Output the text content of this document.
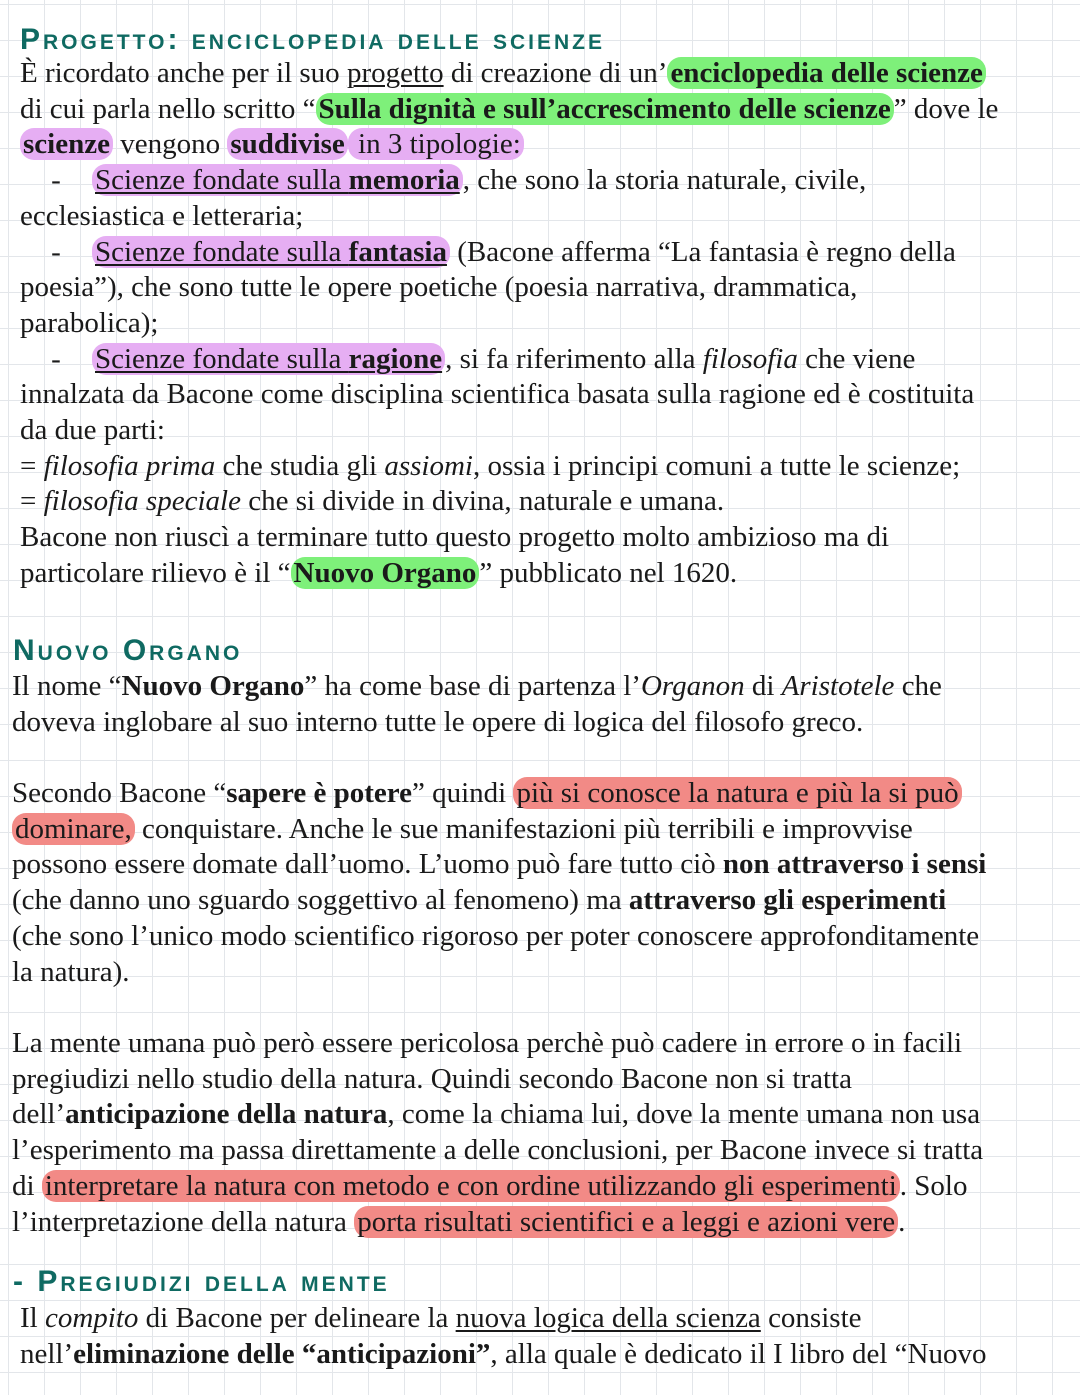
Progetto: enciclopedia delle scienze

È ricordato anche per il suo progetto di creazione di un’ enciclopedia delle scienze

di cui parla nello scritto “ Sulla dignità e sull’accrescimento delle scienze ” dove le

scienze vengono suddivise in 3 tipologie:

- Scienze fondate sulla memoria , che sono la storia naturale, civile,

ecclesiastica e letteraria;

- Scienze fondate sulla fantasia (Bacone afferma “La fantasia è regno della

poesia”), che sono tutte le opere poetiche (poesia narrativa, drammatica,

parabolica);

- Scienze fondate sulla ragione , si fa riferimento alla filosofia che viene

innalzata da Bacone come disciplina scientifica basata sulla ragione ed è costituita

da due parti:

= filosofia prima che studia gli assiomi, ossia i principi comuni a tutte le scienze;

= filosofia speciale che si divide in divina, naturale e umana.

Bacone non riuscì a terminare tutto questo progetto molto ambizioso ma di

particolare rilievo è il “ Nuovo Organo ” pubblicato nel 1620.

Nuovo Organo

Il nome “Nuovo Organo” ha come base di partenza l’Organon di Aristotele che

doveva inglobare al suo interno tutte le opere di logica del filosofo greco.

Secondo Bacone “sapere è potere” quindi più si conosce la natura e più la si può

dominare, conquistare. Anche le sue manifestazioni più terribili e improvvise

possono essere domate dall’uomo. L’uomo può fare tutto ciò non attraverso i sensi

(che danno uno sguardo soggettivo al fenomeno) ma attraverso gli esperimenti

(che sono l’unico modo scientifico rigoroso per poter conoscere approfonditamente

la natura).

La mente umana può però essere pericolosa perchè può cadere in errore o in facili

pregiudizi nello studio della natura. Quindi secondo Bacone non si tratta

dell’anticipazione della natura, come la chiama lui, dove la mente umana non usa

l’esperimento ma passa direttamente a delle conclusioni, per Bacone invece si tratta

di interpretare la natura con metodo e con ordine utilizzando gli esperimenti . Solo

l’interpretazione della natura porta risultati scientifici e a leggi e azioni vere .

- Pregiudizi della mente

Il compito di Bacone per delineare la nuova logica della scienza consiste

nell’eliminazione delle “anticipazioni”, alla quale è dedicato il I libro del “Nuovo
